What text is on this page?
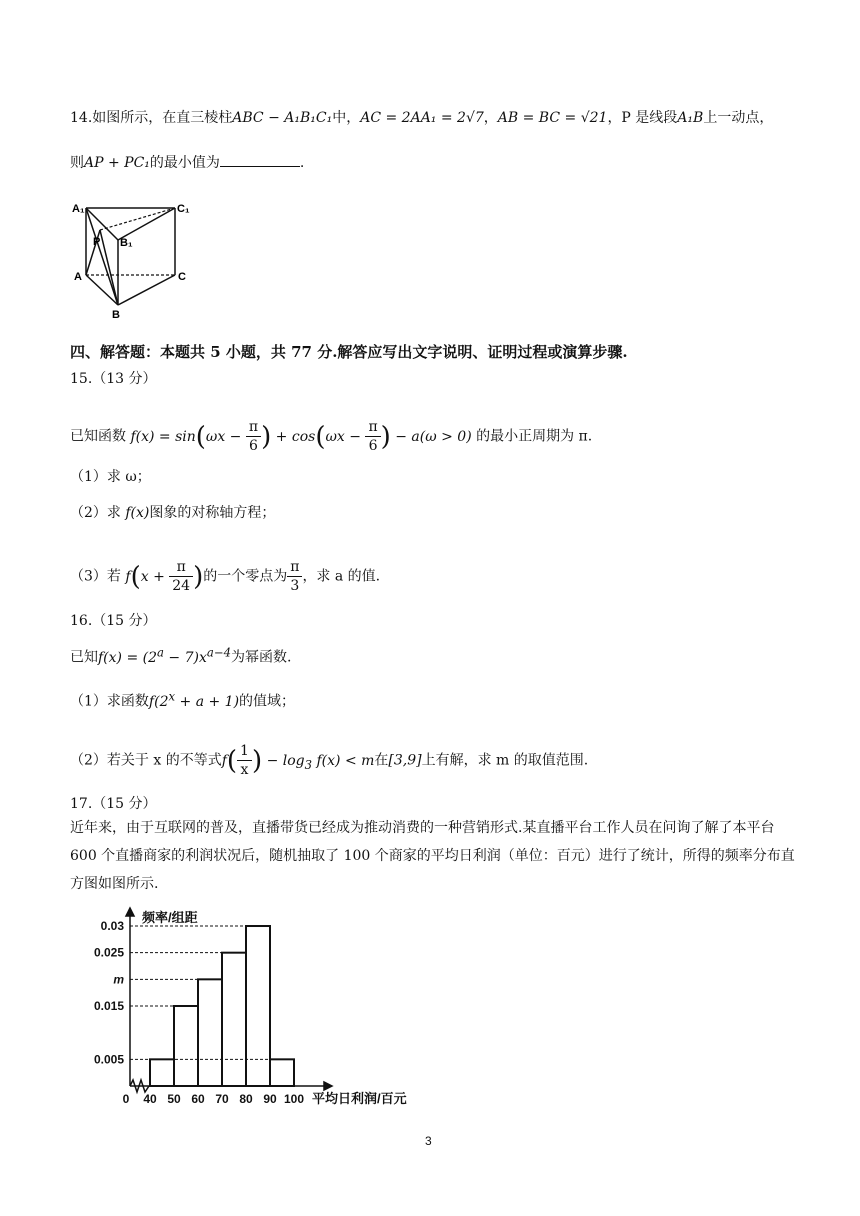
14.如图所示，在直三棱柱ABC − A₁B₁C₁中，AC = 2AA₁ = 2√7，AB = BC = √21，P 是线段A₁B上一动点，
则AP + PC₁的最小值为	.
A₁	C₁
P B₁
A	C
B
四、解答题：本题共 5 小题，共 77 分.解答应写出文字说明、证明过程或演算步骤.
15.（13 分）
已知函数 $f(x) = \sin(\omega x - \frac{\pi}{6}$ ) + $\cos(\omega x - \frac{\pi}{6}$ ) − a(ω > 0) 的最小正周期为 π.
（1）求 ω；
（2）求 f(x)图象的对称轴方程；
（3）若 $f(x + \frac{\pi}{24}$ )的一个零点为 $\frac{\pi}{3}$ ，求 a 的值.
16.（15 分）
已知$f(x) = (2^a - 7)x^{a-4}$为幂函数.
（1）求函数$f(2^x + a + 1)$的值域；
（2）若关于 x 的不等式$f( \frac{1}{x}$ ) − $\log_3 f(x) < m$在[3,9]上有解，求 m 的取值范围.
17.（15 分）
近年来，由于互联网的普及，直播带货已经成为推动消费的一种营销形式.某直播平台工作人员在问询了解了本平台 600 个直播商家的利润状况后，随机抽取了 100 个商家的平均日利润（单位：百元）进行了统计，所得的频率分布直方图如图所示.
0.005
0.015
m
0.025
0.03
0 40 50 60 70 80 90 100
频率/组距
平均日利润/百元
3
